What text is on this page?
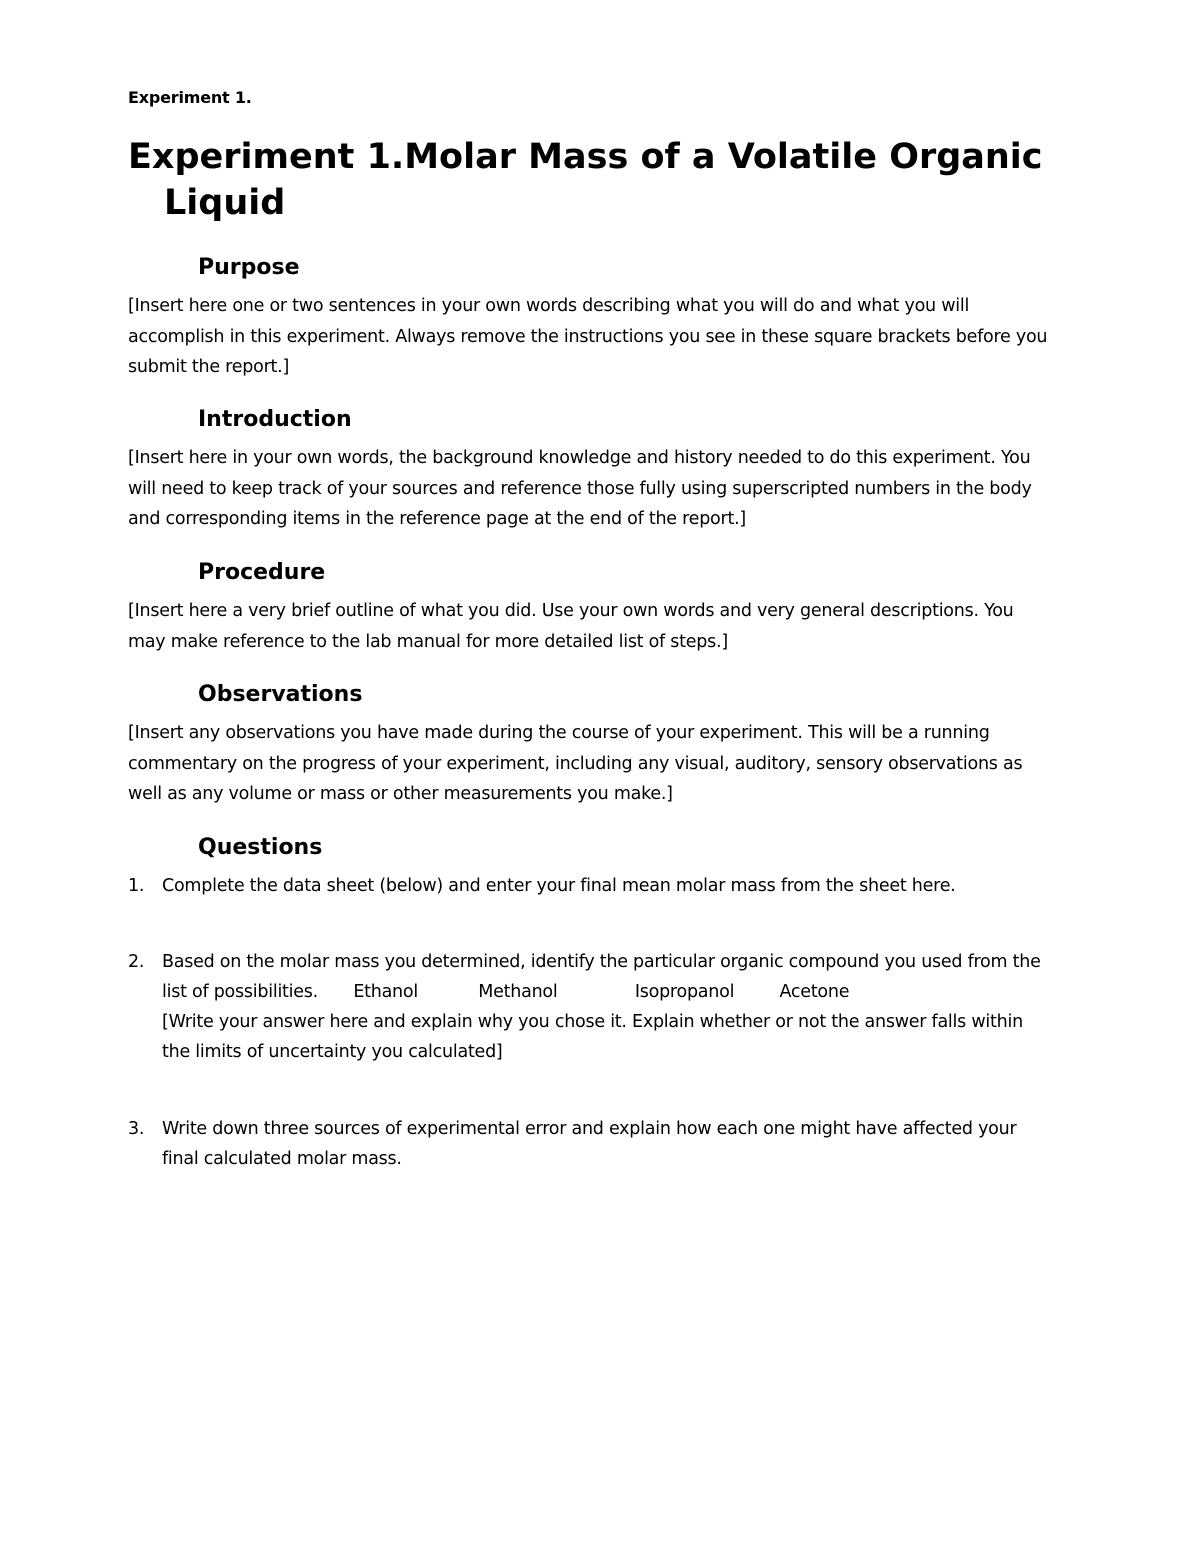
Experiment 1.
Experiment 1.Molar Mass of a Volatile Organic
Liquid
Purpose
[Insert here one or two sentences in your own words describing what you will do and what you will
accomplish in this experiment. Always remove the instructions you see in these square brackets before you
submit the report.]
Introduction
[Insert here in your own words, the background knowledge and history needed to do this experiment. You
will need to keep track of your sources and reference those fully using superscripted numbers in the body
and corresponding items in the reference page at the end of the report.]
Procedure
[Insert here a very brief outline of what you did. Use your own words and very general descriptions. You
may make reference to the lab manual for more detailed list of steps.]
Observations
[Insert any observations you have made during the course of your experiment. This will be a running
commentary on the progress of your experiment, including any visual, auditory, sensory observations as
well as any volume or mass or other measurements you make.]
Questions
1.	Complete the data sheet (below) and enter your final mean molar mass from the sheet here.
2.	Based on the molar mass you determined, identify the particular organic compound you used from the
list of possibilities. Ethanol	Methanol	Isopropanol	Acetone
[Write your answer here and explain why you chose it. Explain whether or not the answer falls within
the limits of uncertainty you calculated]
3.	Write down three sources of experimental error and explain how each one might have affected your
final calculated molar mass.
